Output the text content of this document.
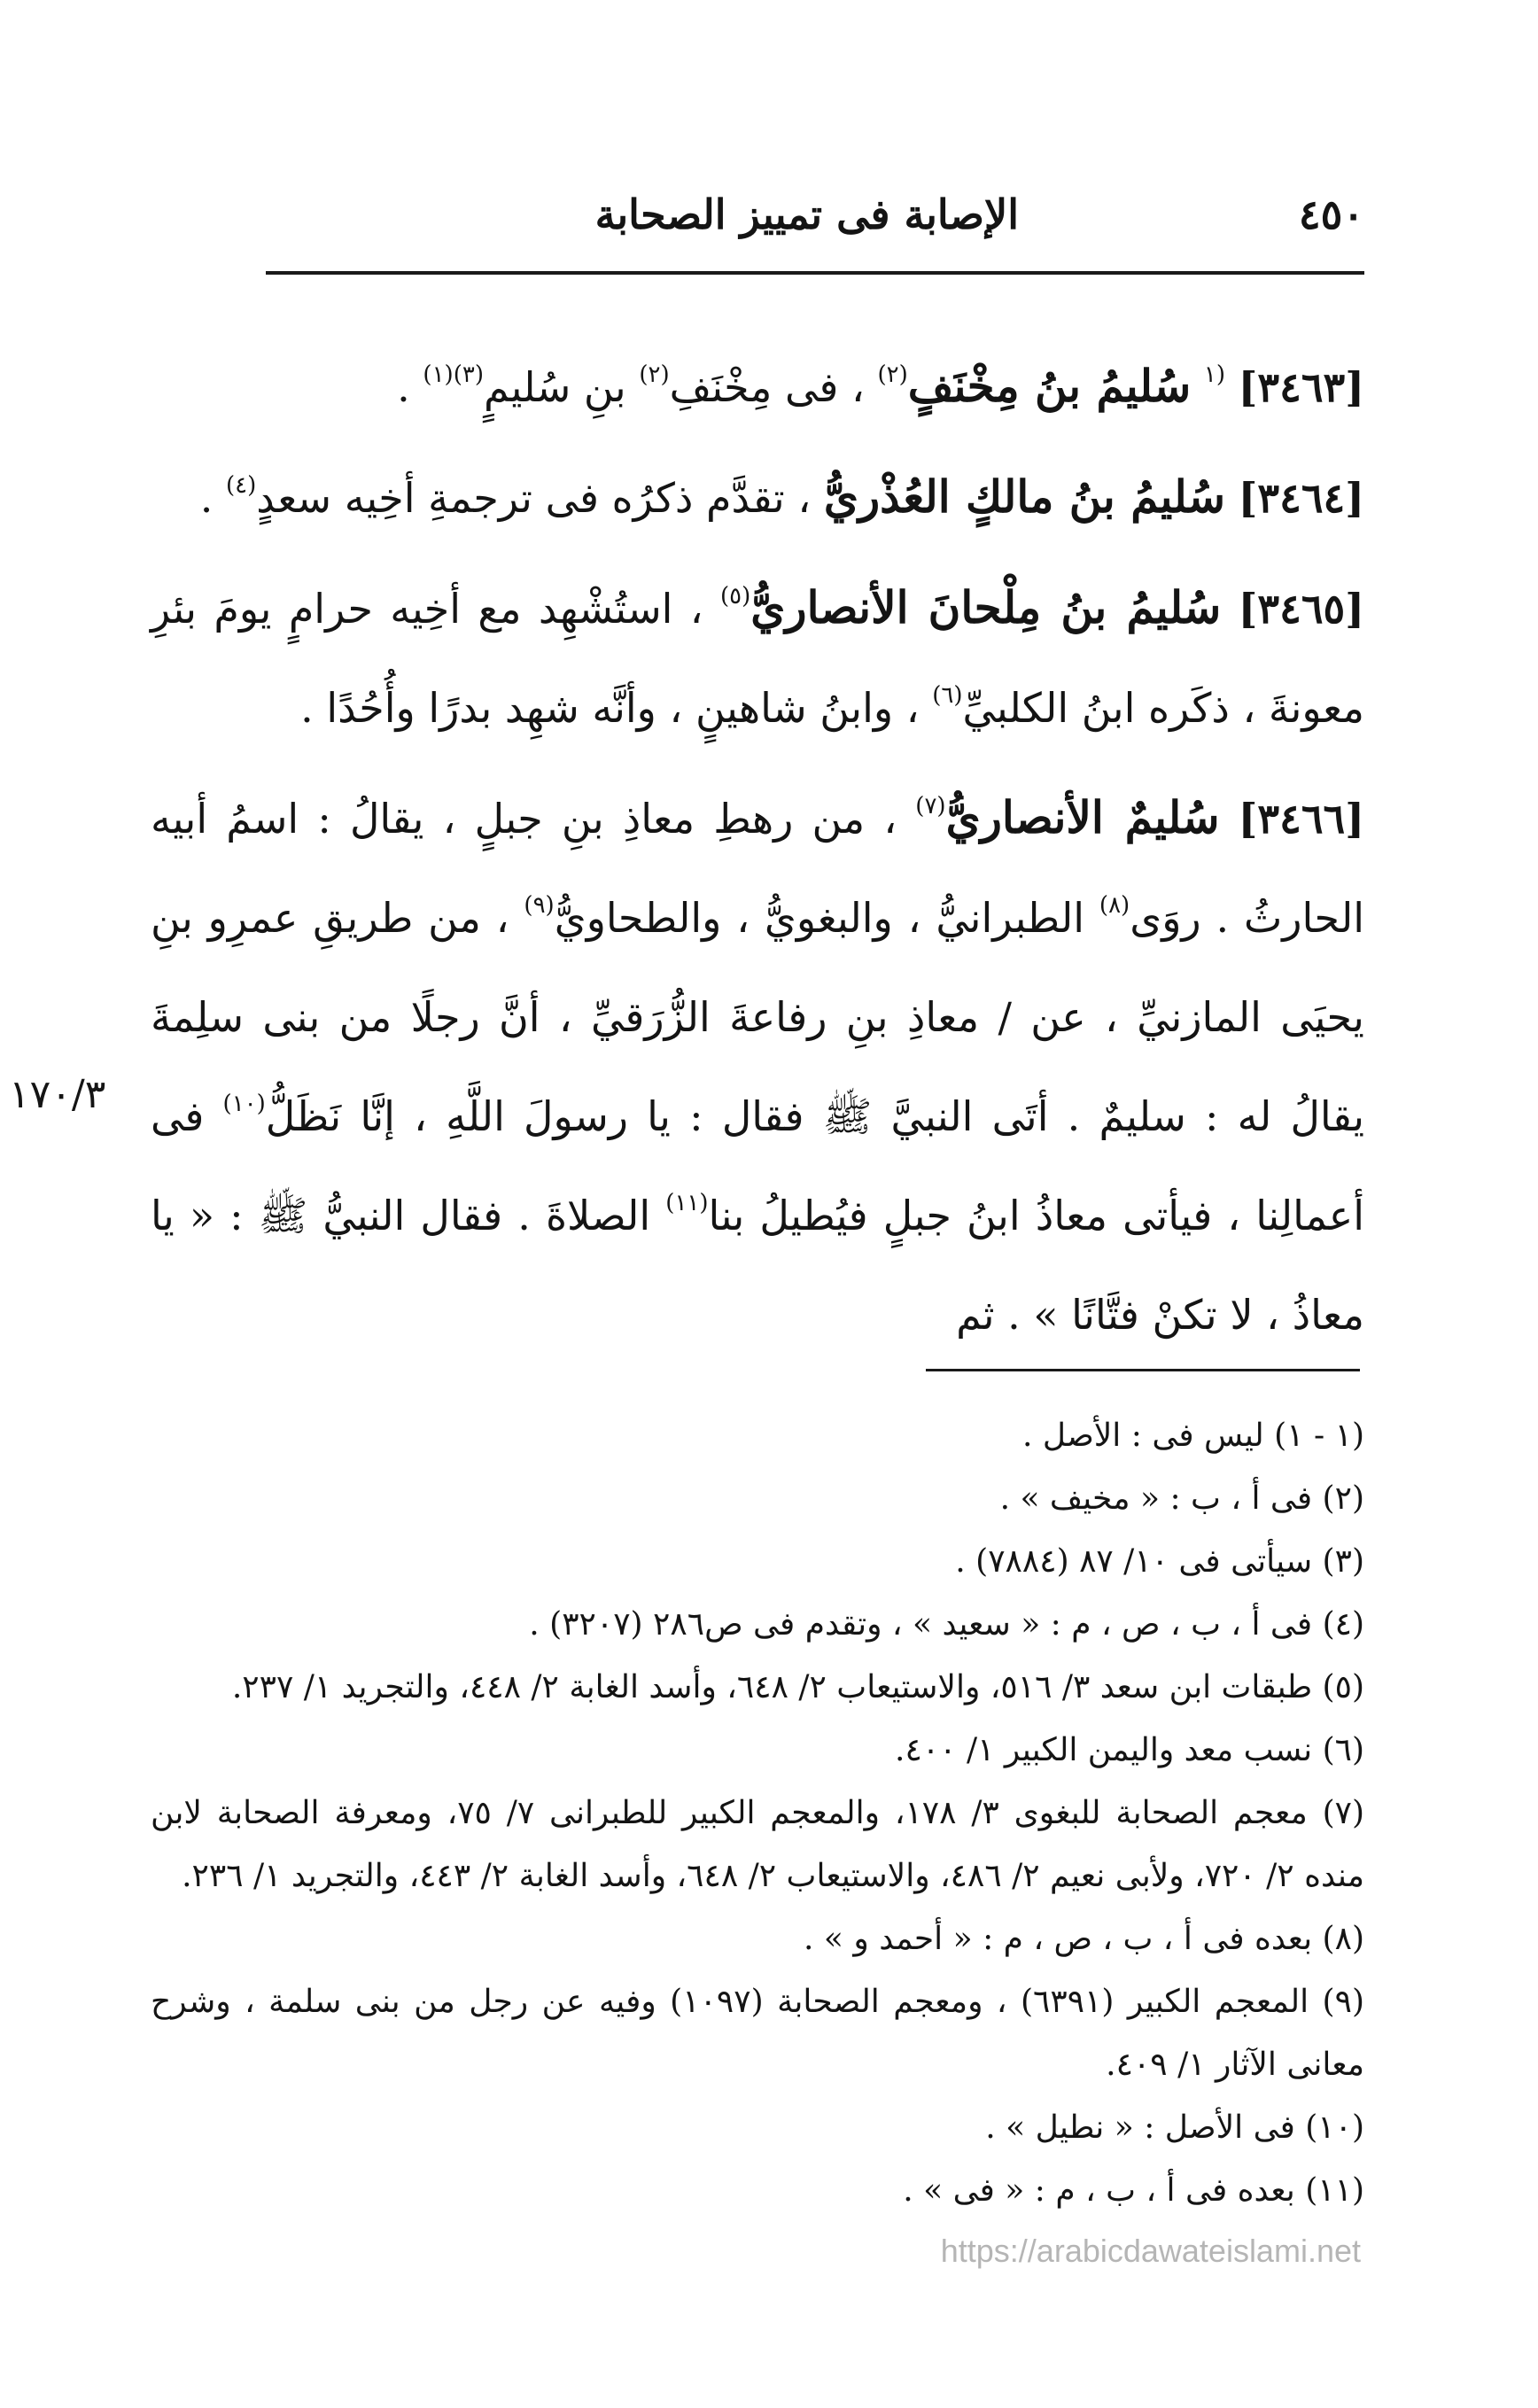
٤٥٠
الإصابة فى تمييز الصحابة

[٣٤٦٣] $^{(١}$ سُليمُ بنُ مِخْنَفٍ$^{(٢)}$ ، فى مِخْنَفِ$^{(٢)}$ بنِ سُليمٍ$^{(٣)(١)}$ .

[٣٤٦٤] سُليمُ بنُ مالكٍ العُذْريُّ ، تقدَّم ذكرُه فى ترجمةِ أخِيه سعدٍ$^{(٤)}$ .

[٣٤٦٥] سُليمُ بنُ مِلْحانَ الأنصاريُّ$^{(٥)}$ ، استُشْهِد مع أخِيه حرامٍ يومَ بئرِ معونةَ ، ذكَره ابنُ الكلبيِّ$^{(٦)}$ ، وابنُ شاهينٍ ، وأنَّه شهِد بدرًا وأُحُدًا .

[٣٤٦٦] سُليمٌ الأنصاريُّ$^{(٧)}$ ، من رهطِ معاذِ بنِ جبلٍ ، يقالُ : اسمُ أبيه الحارثُ . روَى$^{(٨)}$ الطبرانيُّ ، والبغويُّ ، والطحاويُّ$^{(٩)}$ ، من طريقِ عمرِو بنِ يحيَى المازنيِّ ، عن / معاذِ بنِ رفاعةَ الزُّرَقيِّ ، أنَّ رجلًا من بنى سلِمةَ يقالُ له : سليمٌ . أتَى النبيَّ ﷺ فقال : يا رسولَ اللَّهِ ، إنَّا نَظَلُّ$^{(١٠)}$ فى أعمالِنا ، فيأتى معاذُ ابنُ جبلٍ فيُطيلُ بنا$^{(١١)}$ الصلاةَ . فقال النبيُّ ﷺ : « يا معاذُ ، لا تكنْ فتَّانًا » . ثم

١٧٠/٣

(١ - ١) ليس فى : الأصل .

(٢) فى أ ، ب : « مخيف » .

(٣) سيأتى فى ١٠/ ٨٧ (٧٨٨٤) .

(٤) فى أ ، ب ، ص ، م : « سعيد » ، وتقدم فى ص٢٨٦ (٣٢٠٧) .

(٥) طبقات ابن سعد ٣/ ٥١٦، والاستيعاب ٢/ ٦٤٨، وأسد الغابة ٢/ ٤٤٨، والتجريد ١/ ٢٣٧.

(٦) نسب معد واليمن الكبير ١/ ٤٠٠.

(٧) معجم الصحابة للبغوى ٣/ ١٧٨، والمعجم الكبير للطبرانى ٧/ ٧٥، ومعرفة الصحابة لابن منده ٢/ ٧٢٠، ولأبى نعيم ٢/ ٤٨٦، والاستيعاب ٢/ ٦٤٨، وأسد الغابة ٢/ ٤٤٣، والتجريد ١/ ٢٣٦.

(٨) بعده فى أ ، ب ، ص ، م : « أحمد و » .

(٩) المعجم الكبير (٦٣٩١) ، ومعجم الصحابة (١٠٩٧) وفيه عن رجل من بنى سلمة ، وشرح معانى الآثار ١/ ٤٠٩.

(١٠) فى الأصل : « نطيل » .

(١١) بعده فى أ ، ب ، م : « فى » .

https://arabicdawateislami.net
